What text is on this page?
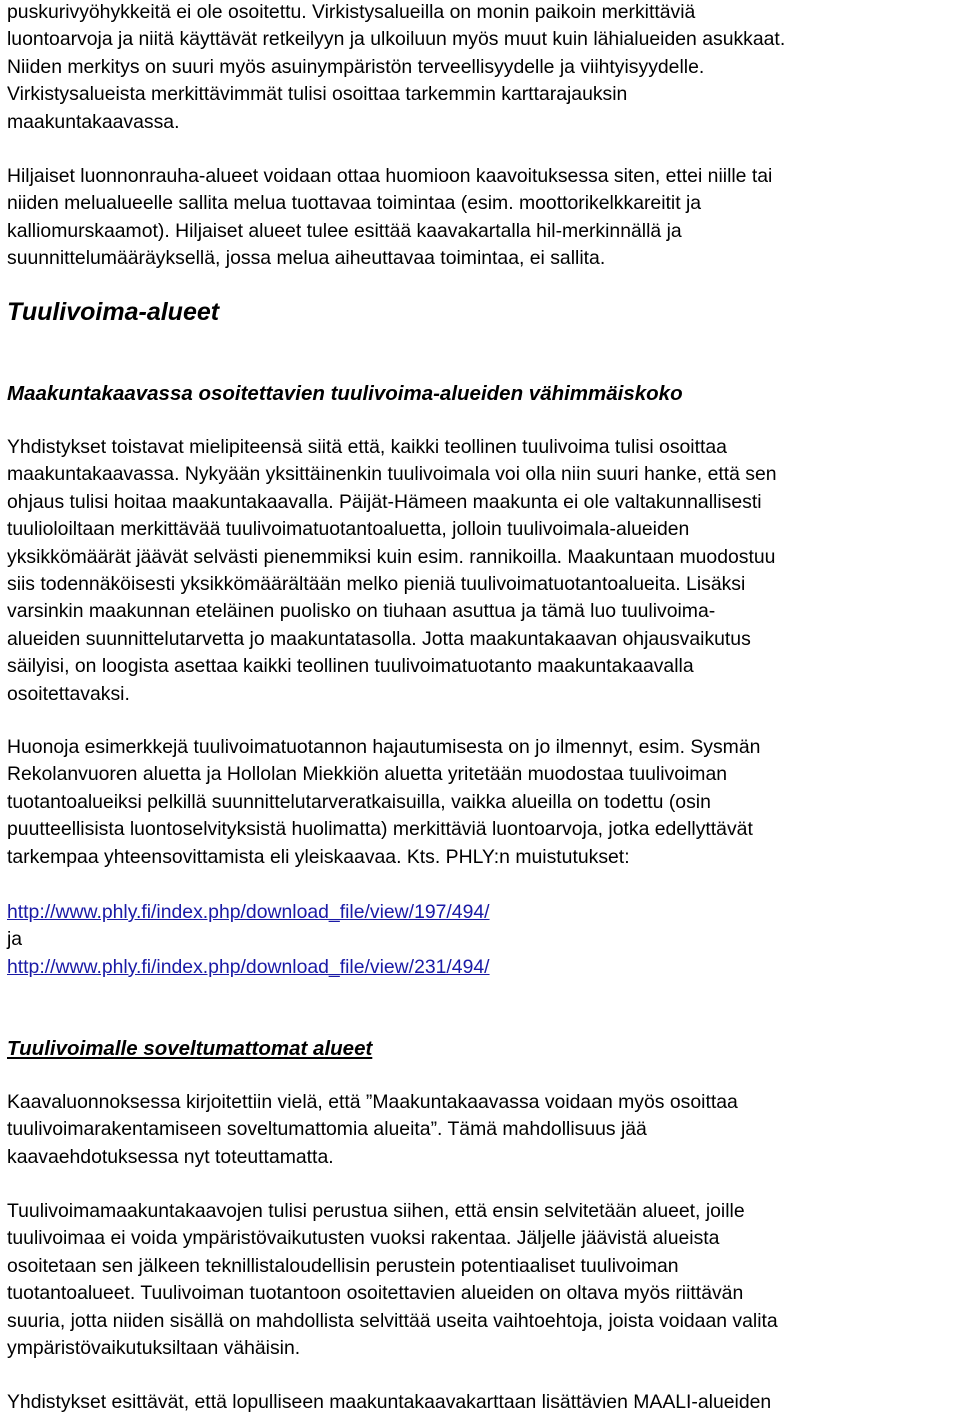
puskurivyöhykkeitä ei ole osoitettu. Virkistysalueilla on monin paikoin merkittäviä
luontoarvoja ja niitä käyttävät retkeilyyn ja ulkoiluun myös muut kuin lähialueiden asukkaat.
Niiden merkitys on suuri myös asuinympäristön terveellisyydelle ja viihtyisyydelle.
Virkistysalueista merkittävimmät tulisi osoittaa tarkemmin karttarajauksin
maakuntakaavassa.
Hiljaiset luonnonrauha-alueet voidaan ottaa huomioon kaavoituksessa siten, ettei niille tai
niiden melualueelle sallita melua tuottavaa toimintaa (esim. moottorikelkkareitit ja
kalliomurskaamot). Hiljaiset alueet tulee esittää kaavakartalla hil-merkinnällä ja
suunnittelumääräyksellä, jossa melua aiheuttavaa toimintaa, ei sallita.
Tuulivoima-alueet
Maakuntakaavassa osoitettavien tuulivoima-alueiden vähimmäiskoko
Yhdistykset toistavat mielipiteensä siitä että, kaikki teollinen tuulivoima tulisi osoittaa
maakuntakaavassa. Nykyään yksittäinenkin tuulivoimala voi olla niin suuri hanke, että sen
ohjaus tulisi hoitaa maakuntakaavalla. Päijät-Hämeen maakunta ei ole valtakunnallisesti
tuulioloiltaan merkittävää tuulivoimatuotantoaluetta, jolloin tuulivoimala-alueiden
yksikkömäärät jäävät selvästi pienemmiksi kuin esim. rannikoilla. Maakuntaan muodostuu
siis todennäköisesti yksikkömäärältään melko pieniä tuulivoimatuotantoalueita. Lisäksi
varsinkin maakunnan eteläinen puolisko on tiuhaan asuttua ja tämä luo tuulivoima-
alueiden suunnittelutarvetta jo maakuntatasolla. Jotta maakuntakaavan ohjausvaikutus
säilyisi, on loogista asettaa kaikki teollinen tuulivoimatuotanto maakuntakaavalla
osoitettavaksi.
Huonoja esimerkkejä tuulivoimatuotannon hajautumisesta on jo ilmennyt, esim. Sysmän
Rekolanvuoren aluetta ja Hollolan Miekkiön aluetta yritetään muodostaa tuulivoiman
tuotantoalueiksi pelkillä suunnittelutarveratkaisuilla, vaikka alueilla on todettu (osin
puutteellisista luontoselvityksistä huolimatta) merkittäviä luontoarvoja, jotka edellyttävät
tarkempaa yhteensovittamista eli yleiskaavaa. Kts. PHLY:n muistutukset:
http://www.phly.fi/index.php/download_file/view/197/494/
ja
http://www.phly.fi/index.php/download_file/view/231/494/
Tuulivoimalle soveltumattomat alueet
Kaavaluonnoksessa kirjoitettiin vielä, että ”Maakuntakaavassa voidaan myös osoittaa
tuulivoimarakentamiseen soveltumattomia alueita”. Tämä mahdollisuus jää
kaavaehdotuksessa nyt toteuttamatta.
Tuulivoimamaakuntakaavojen tulisi perustua siihen, että ensin selvitetään alueet, joille
tuulivoimaa ei voida ympäristövaikutusten vuoksi rakentaa. Jäljelle jäävistä alueista
osoitetaan sen jälkeen teknillistaloudellisin perustein potentiaaliset tuulivoiman
tuotantoalueet. Tuulivoiman tuotantoon osoitettavien alueiden on oltava myös riittävän
suuria, jotta niiden sisällä on mahdollista selvittää useita vaihtoehtoja, joista voidaan valita
ympäristövaikutuksiltaan vähäisin.
Yhdistykset esittävät, että lopulliseen maakuntakaavakarttaan lisättävien MAALI-alueiden
